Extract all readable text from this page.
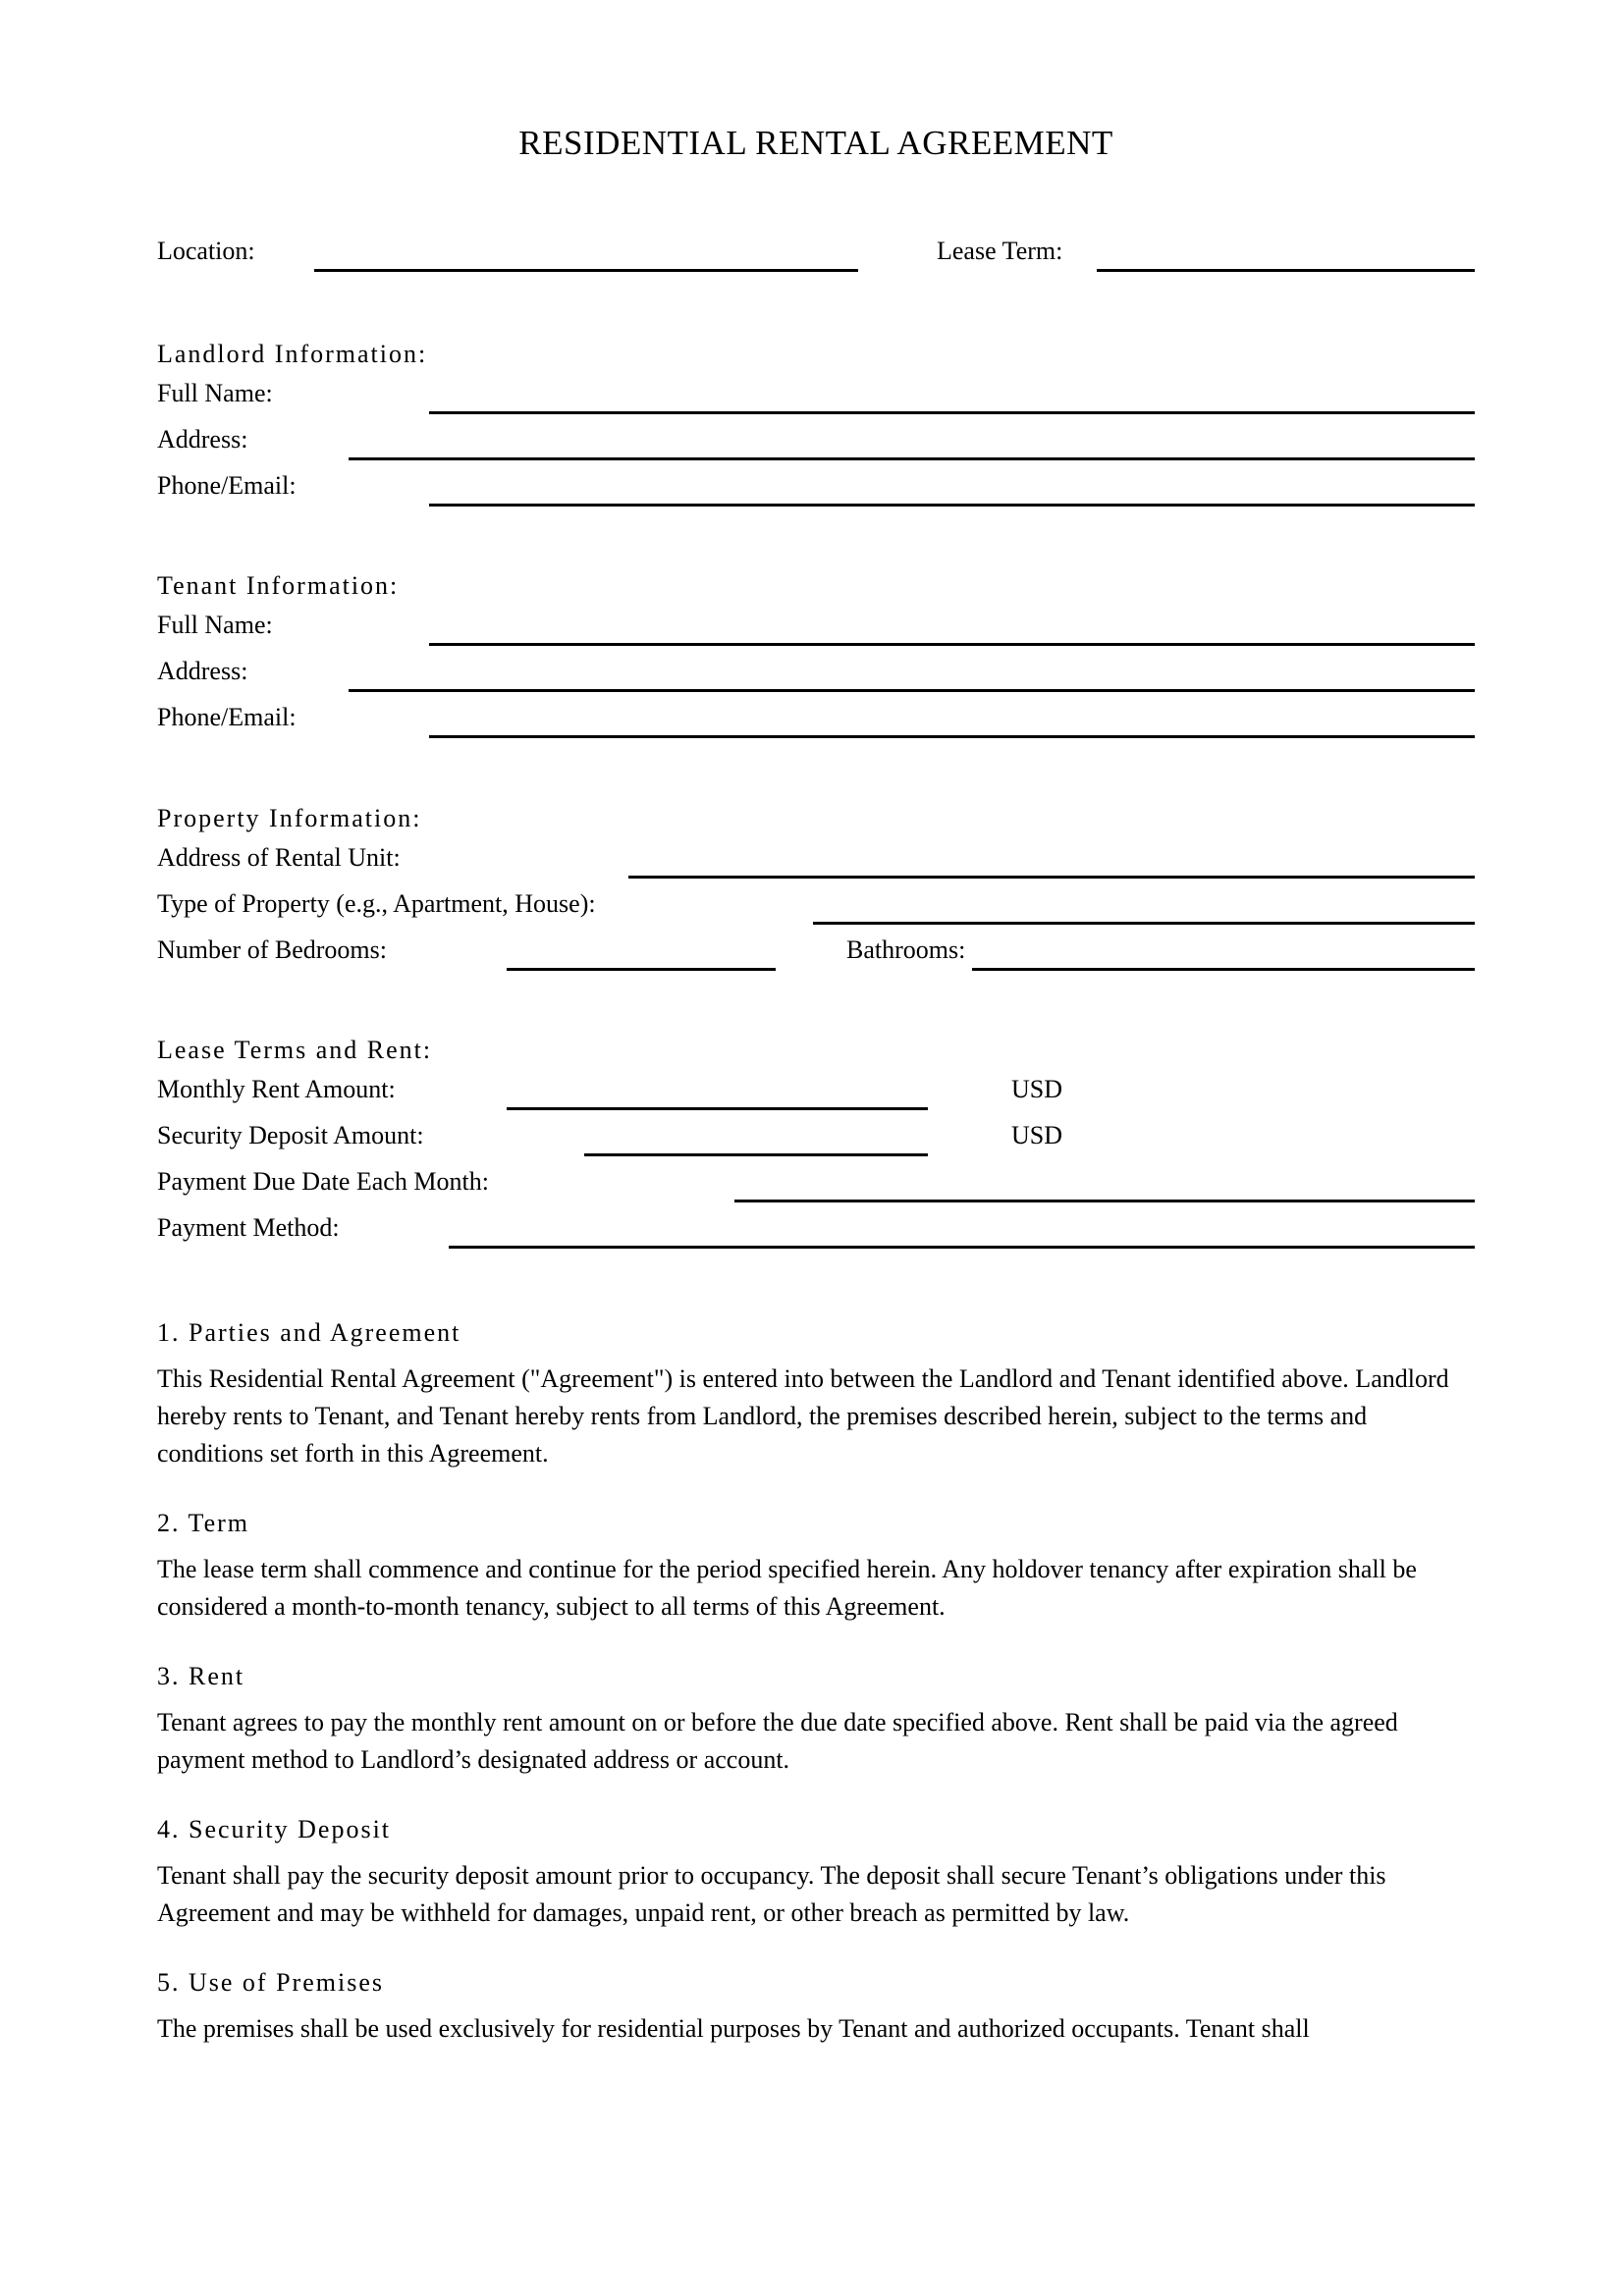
RESIDENTIAL RENTAL AGREEMENT
Location:	Lease Term:
Landlord Information:
Full Name:
Address:
Phone/Email:
Tenant Information:
Full Name:
Address:
Phone/Email:
Property Information:
Address of Rental Unit:
Type of Property (e.g., Apartment, House):
Number of Bedrooms:	Bathrooms:
Lease Terms and Rent:
Monthly Rent Amount:	USD
Security Deposit Amount:	USD
Payment Due Date Each Month:
Payment Method:
1. Parties and Agreement
This Residential Rental Agreement ("Agreement") is entered into between the Landlord and Tenant identified above. Landlord hereby rents to Tenant, and Tenant hereby rents from Landlord, the premises described herein, subject to the terms and conditions set forth in this Agreement.
2. Term
The lease term shall commence and continue for the period specified herein. Any holdover tenancy after expiration shall be considered a month-to-month tenancy, subject to all terms of this Agreement.
3. Rent
Tenant agrees to pay the monthly rent amount on or before the due date specified above. Rent shall be paid via the agreed payment method to Landlord’s designated address or account.
4. Security Deposit
Tenant shall pay the security deposit amount prior to occupancy. The deposit shall secure Tenant’s obligations under this Agreement and may be withheld for damages, unpaid rent, or other breach as permitted by law.
5. Use of Premises
The premises shall be used exclusively for residential purposes by Tenant and authorized occupants. Tenant shall
